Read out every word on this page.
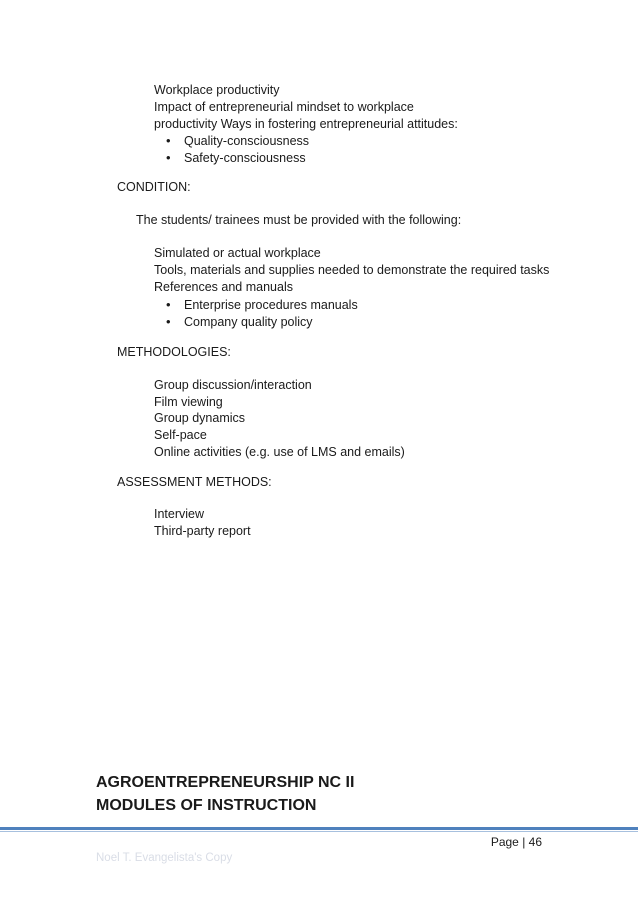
Workplace productivity
Impact of entrepreneurial mindset to workplace
productivity Ways in fostering entrepreneurial attitudes:
• Quality-consciousness
• Safety-consciousness
CONDITION:
The students/ trainees must be provided with the following:
Simulated or actual workplace
Tools, materials and supplies needed to demonstrate the required tasks
References and manuals
• Enterprise procedures manuals
• Company quality policy
METHODOLOGIES:
Group discussion/interaction
Film viewing
Group dynamics
Self-pace
Online activities (e.g. use of LMS and emails)
ASSESSMENT METHODS:
Interview
Third-party report
AGROENTREPRENEURSHIP NC II
MODULES OF INSTRUCTION
Page | 46
Noel T. Evangelista's Copy
